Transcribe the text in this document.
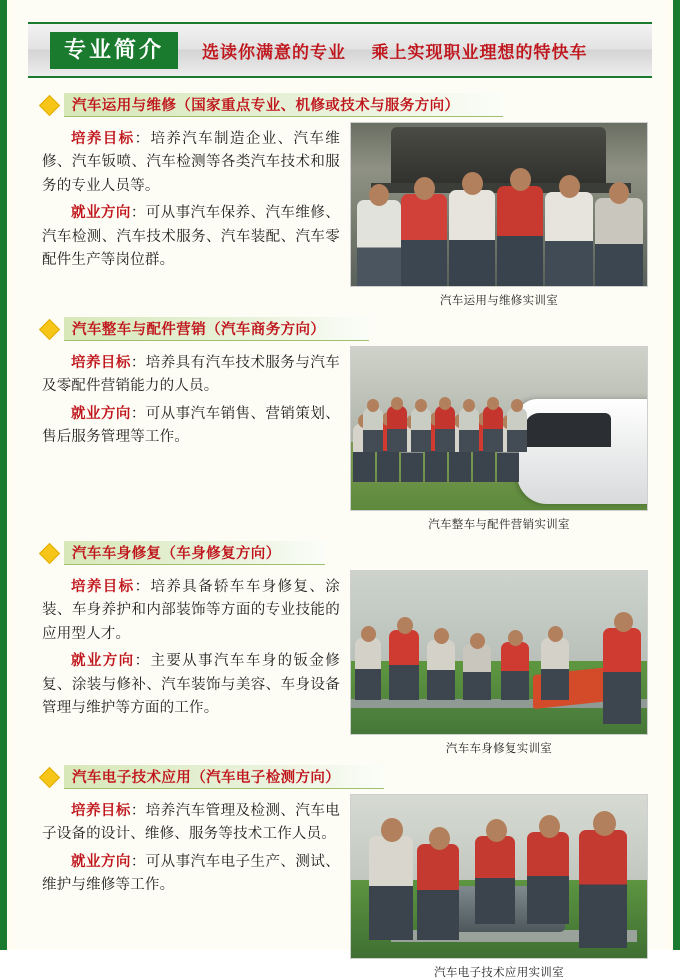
专业简介	选读你满意的专业 乘上实现职业理想的特快车
汽车运用与维修（国家重点专业、机修或技术与服务方向）

培养目标：培养汽车制造企业、汽车维修、汽车钣喷、汽车检测等各类汽车技术和服务的专业人员等。

就业方向：可从事汽车保养、汽车维修、汽车检测、汽车技术服务、汽车装配、汽车零配件生产等岗位群。

汽车运用与维修实训室
汽车整车与配件营销（汽车商务方向）

培养目标：培养具有汽车技术服务与汽车及零配件营销能力的人员。

就业方向：可从事汽车销售、营销策划、售后服务管理等工作。

汽车整车与配件营销实训室
汽车车身修复（车身修复方向）

培养目标：培养具备轿车车身修复、涂装、车身养护和内部装饰等方面的专业技能的应用型人才。

就业方向：主要从事汽车车身的钣金修复、涂装与修补、汽车装饰与美容、车身设备管理与维护等方面的工作。

汽车车身修复实训室
汽车电子技术应用（汽车电子检测方向）

培养目标：培养汽车管理及检测、汽车电子设备的设计、维修、服务等技术工作人员。

就业方向：可从事汽车电子生产、测试、维护与维修等工作。

汽车电子技术应用实训室
